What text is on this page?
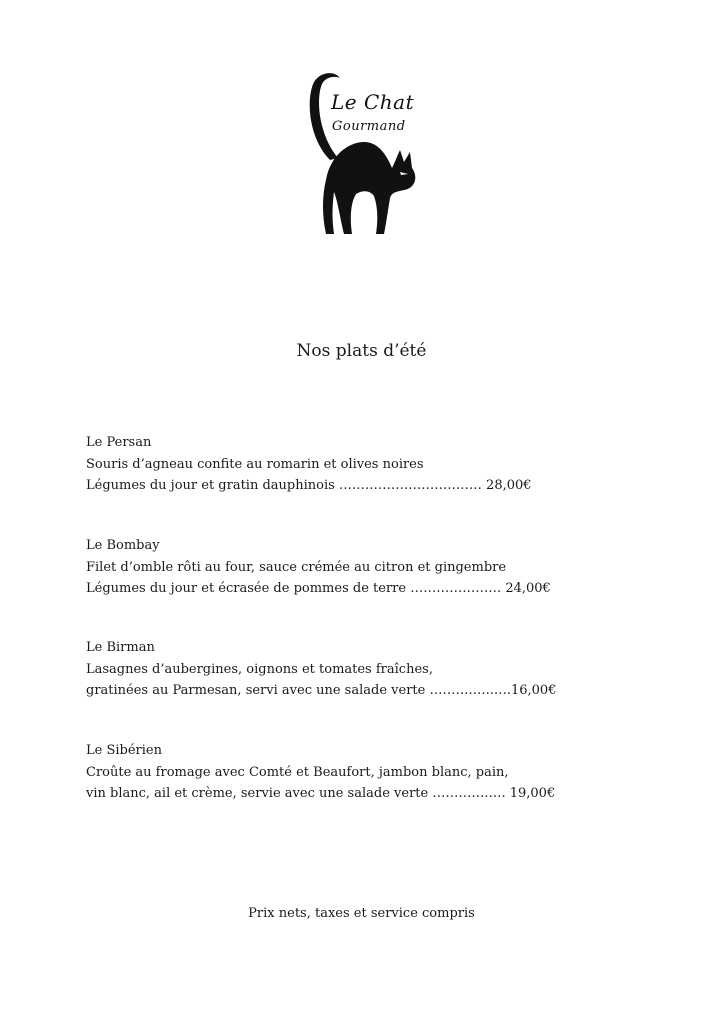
Le Chat
Gourmand
Nos plats d’été
Le Persan
Souris d’agneau confite au romarin et olives noires
Légumes du jour et gratin dauphinois …………………………… 28,00€
Le Bombay
Filet d’omble rôti au four, sauce crémée au citron et gingembre
Légumes du jour et écrasée de pommes de terre ………………… 24,00€
Le Birman
Lasagnes d’aubergines, oignons et tomates fraîches,
gratinées au Parmesan, servi avec une salade verte ……….…..….16,00€
Le Sibérien
Croûte au fromage avec Comté et Beaufort, jambon blanc, pain,
vin blanc, ail et crème, servie avec une salade verte ………….…. 19,00€
Prix nets, taxes et service compris
